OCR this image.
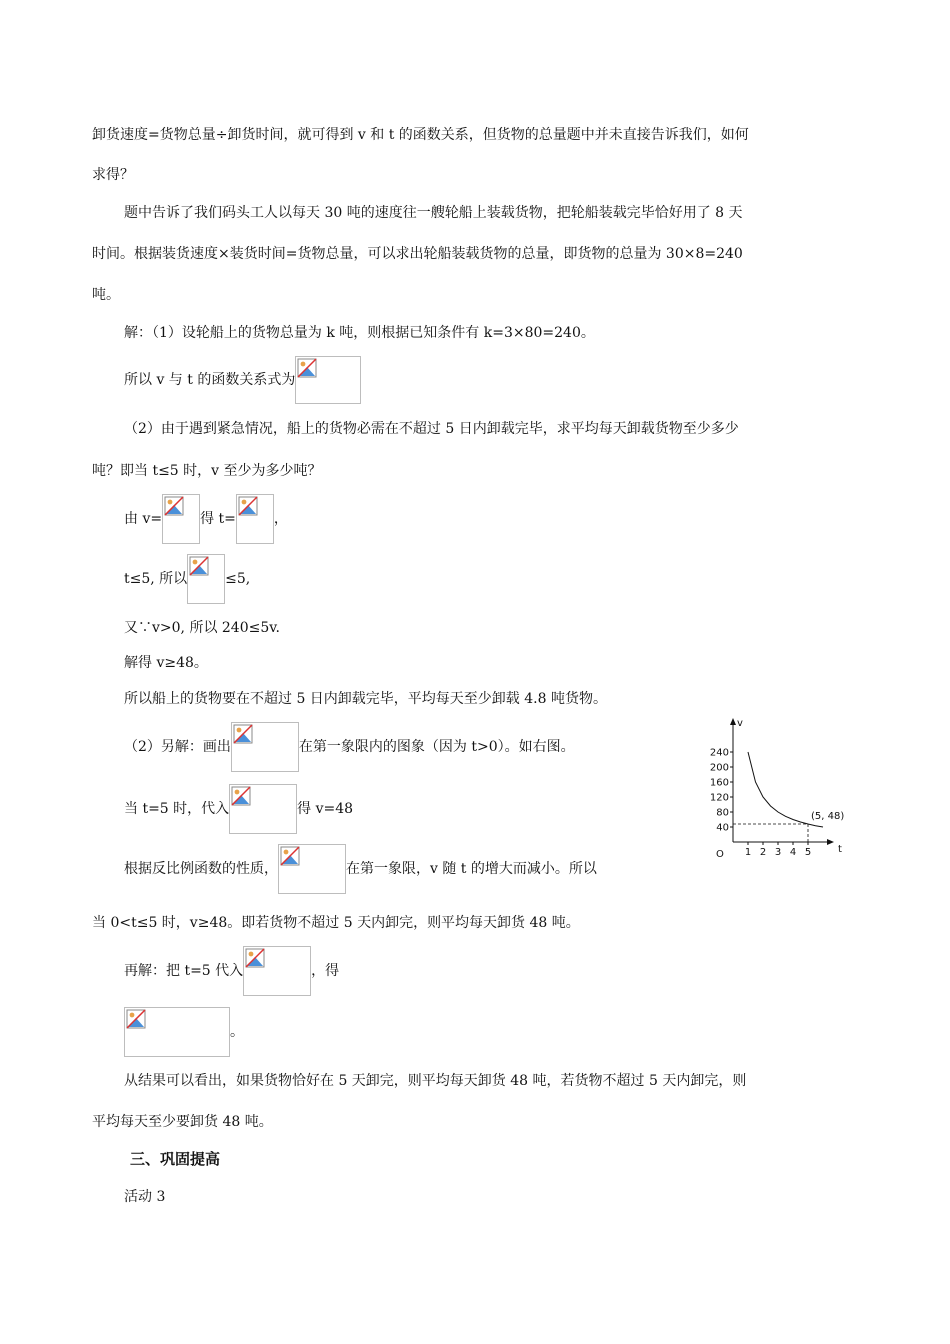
卸货速度=货物总量÷卸货时间，就可得到 v 和 t 的函数关系，但货物的总量题中并未直接告诉我们，如何
求得？
题中告诉了我们码头工人以每天 30 吨的速度往一艘轮船上装载货物，把轮船装载完毕恰好用了 8 天
时间。根据装货速度×装货时间=货物总量，可以求出轮船装载货物的总量，即货物的总量为 30×8=240
吨。
解：（1）设轮船上的货物总量为 k 吨，则根据已知条件有 k=3×80=240。
所以 v 与 t 的函数关系式为
（2）由于遇到紧急情况，船上的货物必需在不超过 5 日内卸载完毕，求平均每天卸载货物至少多少
吨？即当 t≤5 时，v 至少为多少吨？
由 v=	得 t=	，
t≤5, 所以	≤5,
又∵v>0, 所以 240≤5v.
解得 v≥48。
所以船上的货物要在不超过 5 日内卸载完毕，平均每天至少卸载 4.8 吨货物。
（2）另解：画出	在第一象限内的图象（因为 t>0）。如右图。
当 t=5 时，代入	得 v=48
根据反比例函数的性质，	在第一象限，v 随 t 的增大而减小。所以
当 0<t≤5 时，v≥48。即若货物不超过 5 天内卸完，则平均每天卸货 48 吨。
再解：把 t=5 代入	，得
。
从结果可以看出，如果货物恰好在 5 天卸完，则平均每天卸货 48 吨，若货物不超过 5 天内卸完，则
平均每天至少要卸货 48 吨。
三、巩固提高
活动 3
v
t
O
240
200
160
120
80
40
1 2 3 4 5
(5, 48)
